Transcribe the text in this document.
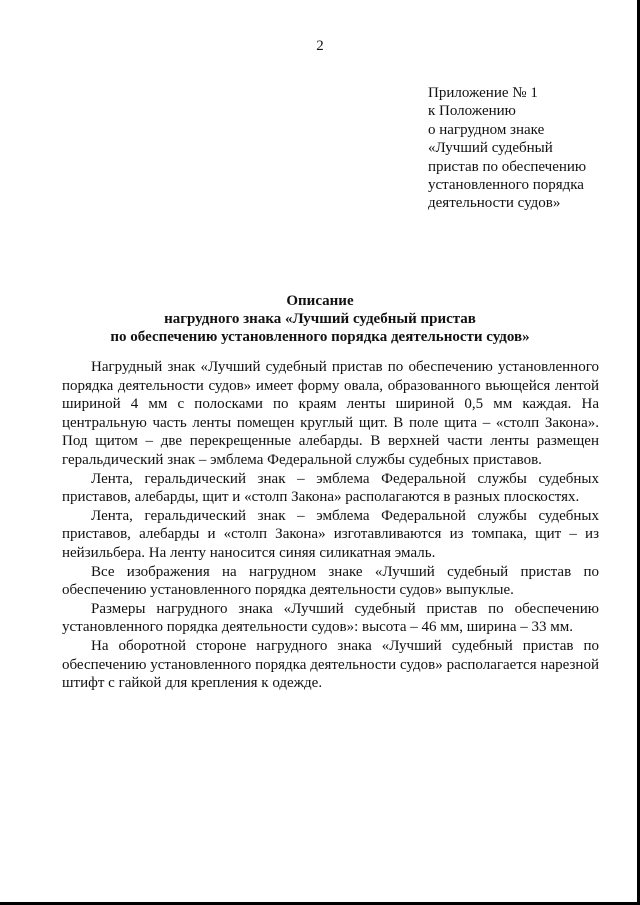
2
Приложение № 1
к Положению
о нагрудном знаке
«Лучший судебный
пристав по обеспечению
установленного порядка
деятельности судов»
Описание
нагрудного знака «Лучший судебный пристав
по обеспечению установленного порядка деятельности судов»

Нагрудный знак «Лучший судебный пристав по обеспечению установленного порядка деятельности судов» имеет форму овала, образованного вьющейся лентой шириной 4 мм с полосками по краям ленты шириной 0,5 мм каждая. На центральную часть ленты помещен круглый щит. В поле щита – «столп Закона». Под щитом – две перекрещенные алебарды. В верхней части ленты размещен геральдический знак – эмблема Федеральной службы судебных приставов.

Лента, геральдический знак – эмблема Федеральной службы судебных приставов, алебарды, щит и «столп Закона» располагаются в разных плоскостях.

Лента, геральдический знак – эмблема Федеральной службы судебных приставов, алебарды и «столп Закона» изготавливаются из томпака, щит – из нейзильбера. На ленту наносится синяя силикатная эмаль.

Все изображения на нагрудном знаке «Лучший судебный пристав по обеспечению установленного порядка деятельности судов» выпуклые.

Размеры нагрудного знака «Лучший судебный пристав по обеспечению установленного порядка деятельности судов»: высота – 46 мм, ширина – 33 мм.

На оборотной стороне нагрудного знака «Лучший судебный пристав по обеспечению установленного порядка деятельности судов» располагается нарезной штифт с гайкой для крепления к одежде.
